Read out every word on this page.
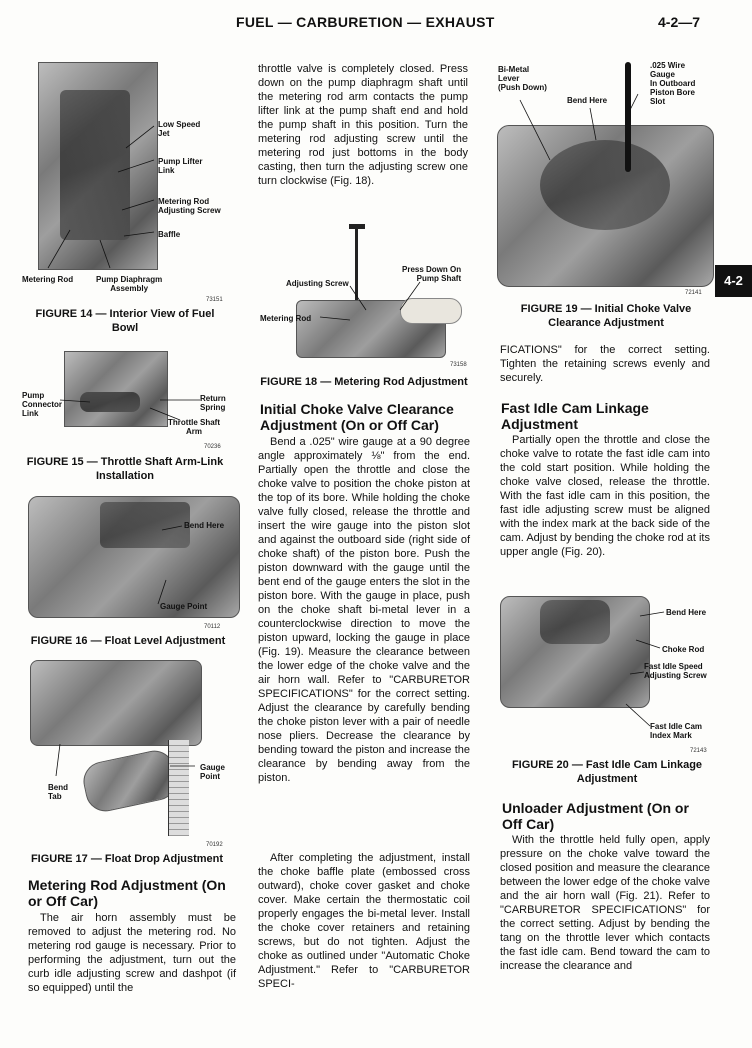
FUEL — CARBURETION — EXHAUST	4-2—7
4-2
Low Speed
Jet
Pump Lifter
Link
Metering Rod
Adjusting Screw
Baffle
Metering Rod	Pump Diaphragm
Assembly
73151
FIGURE 14 — Interior View of Fuel Bowl
Pump
Connector
Link
Return
Spring
Throttle Shaft
Arm
70236
FIGURE 15 — Throttle Shaft Arm-Link Installation
Bend Here
Gauge Point
70112
FIGURE 16 — Float Level Adjustment
Gauge
Point
Bend
Tab
70192
FIGURE 17 — Float Drop Adjustment
Metering Rod Adjustment (On or Off Car)
The air horn assembly must be removed to adjust the metering rod. No metering rod gauge is necessary. Prior to performing the adjustment, turn out the curb idle adjusting screw and dashpot (if so equipped) until the
throttle valve is completely closed. Press down on the pump diaphragm shaft until the metering rod arm contacts the pump lifter link at the pump shaft end and hold the pump shaft in this position. Turn the metering rod adjusting screw until the metering rod just bottoms in the body casting, then turn the adjusting screw one turn clockwise (Fig. 18).
Press Down On
Pump Shaft
Adjusting Screw
Metering Rod
73158
FIGURE 18 — Metering Rod Adjustment
Initial Choke Valve Clearance Adjustment (On or Off Car)
Bend a .025" wire gauge at a 90 degree angle approximately ⅛" from the end. Partially open the throttle and close the choke valve to position the choke piston at the top of its bore. While holding the choke valve fully closed, release the throttle and insert the wire gauge into the piston slot and against the outboard side (right side of choke shaft) of the piston bore. Push the piston downward with the gauge until the bent end of the gauge enters the slot in the piston bore. With the gauge in place, push on the choke shaft bi-metal lever in a counterclockwise direction to move the piston upward, locking the gauge in place (Fig. 19). Measure the clearance between the lower edge of the choke valve and the air horn wall. Refer to "CARBURETOR SPECIFICATIONS" for the correct setting. Adjust the clearance by carefully bending the choke piston lever with a pair of needle nose pliers. Decrease the clearance by bending toward the piston and increase the clearance by bending away from the piston.
After completing the adjustment, install the choke baffle plate (embossed cross outward), choke cover gasket and choke cover. Make certain the thermostatic coil properly engages the bi-metal lever. Install the choke cover retainers and retaining screws, but do not tighten. Adjust the choke as outlined under "Automatic Choke Adjustment." Refer to "CARBURETOR SPECI-
Bi-Metal
Lever
(Push Down)
Bend Here
.025 Wire
Gauge
In Outboard
Piston Bore
Slot
72141
FIGURE 19 — Initial Choke Valve Clearance Adjustment
FICATIONS" for the correct setting. Tighten the retaining screws evenly and securely.
Fast Idle Cam Linkage Adjustment
Partially open the throttle and close the choke valve to rotate the fast idle cam into the cold start position. While holding the choke valve closed, release the throttle. With the fast idle cam in this position, the fast idle adjusting screw must be aligned with the index mark at the back side of the cam. Adjust by bending the choke rod at its upper angle (Fig. 20).
Bend Here
Choke Rod
Fast Idle Speed
Adjusting Screw
Fast Idle Cam
Index Mark
72143
FIGURE 20 — Fast Idle Cam Linkage Adjustment
Unloader Adjustment (On or Off Car)
With the throttle held fully open, apply pressure on the choke valve toward the closed position and measure the clearance between the lower edge of the choke valve and the air horn wall (Fig. 21). Refer to "CARBURETOR SPECIFICATIONS" for the correct setting. Adjust by bending the tang on the throttle lever which contacts the fast idle cam. Bend toward the cam to increase the clearance and
